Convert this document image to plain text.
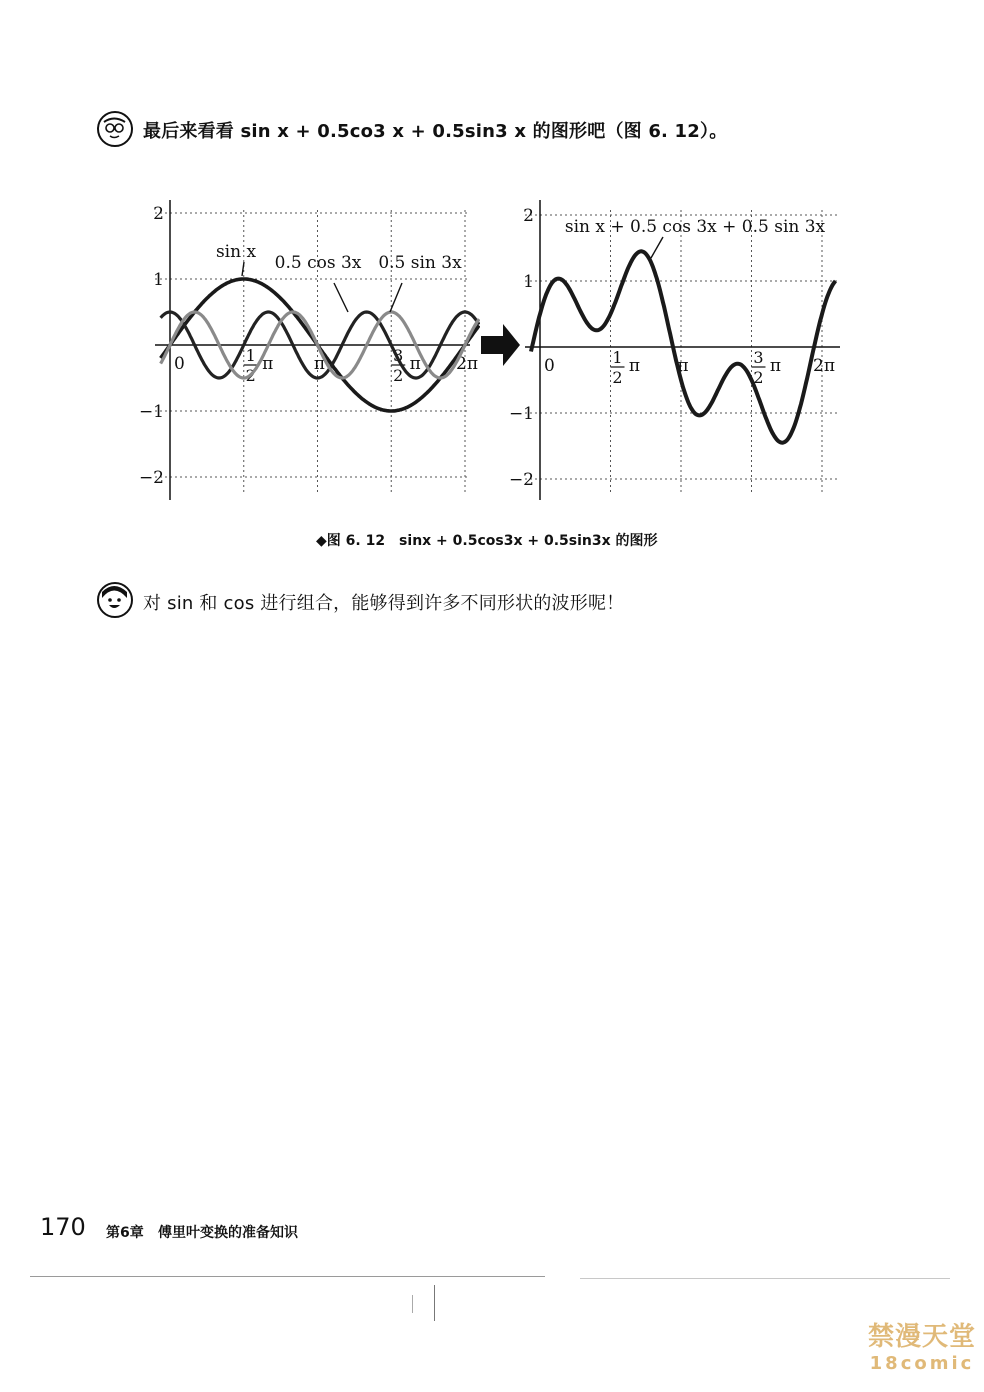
最后来看看 sin x + 0.5co3 x + 0.5sin3 x 的图形吧（图 6. 12）。
2
1
−1
−2
0	1
2
π π	3
2
π 2π
sin x
0.5 cos 3x 0.5 sin 3x
2
1
−1
−2
0	1
2
π π	3
2
π 2π
sin x + 0.5 cos 3x + 0.5 sin 3x
◆图 6. 12　sinx + 0.5cos3x + 0.5sin3x 的图形
对 sin 和 cos 进行组合，能够得到许多不同形状的波形呢！
170 第6章 傅里叶变换的准备知识
禁漫天堂
18comic
